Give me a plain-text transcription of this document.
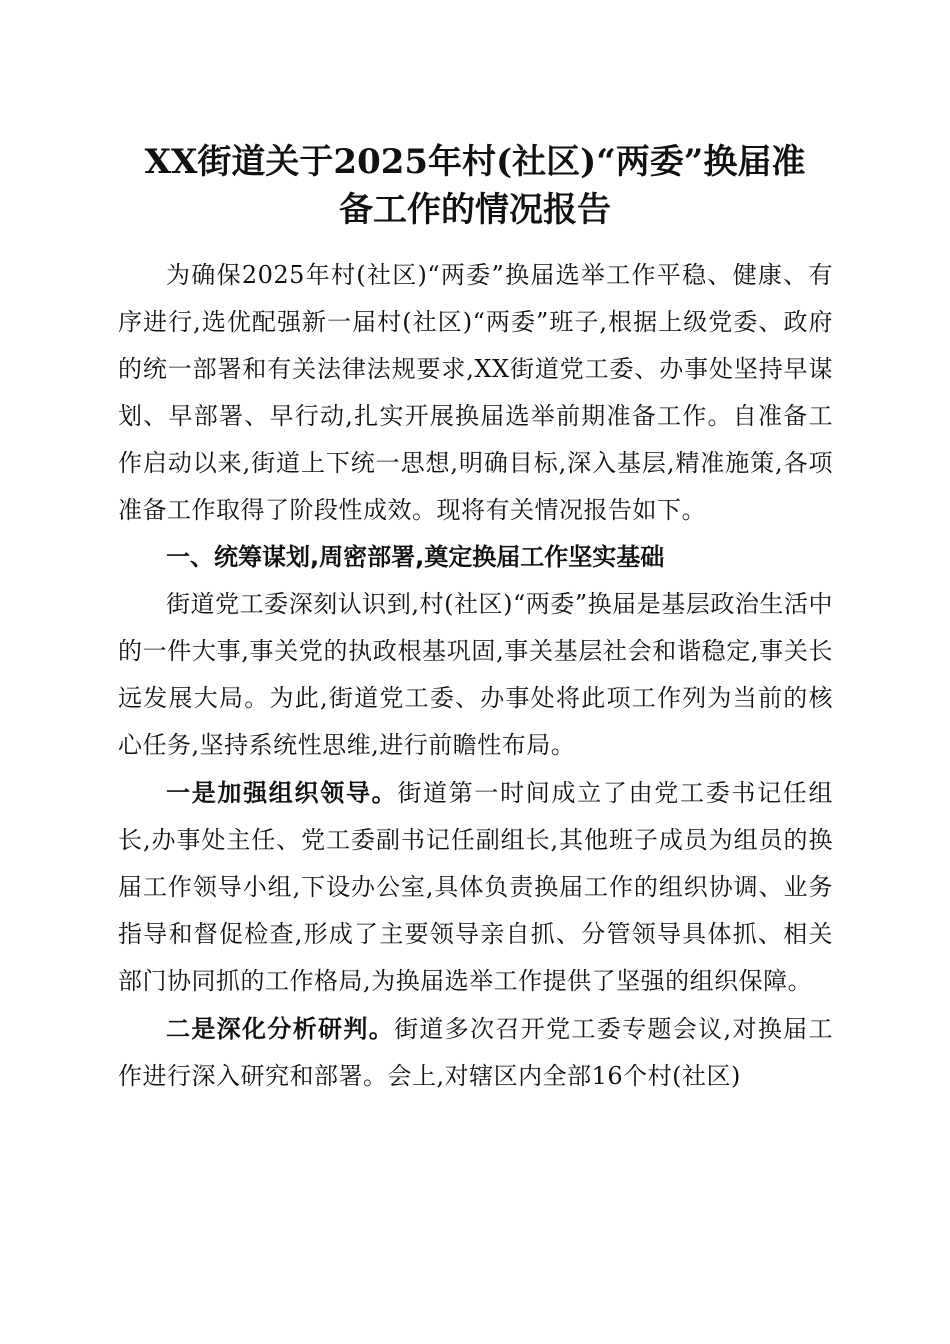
XX街道关于2025年村(社区)“两委”换届准
备工作的情况报告

为确保2025年村(社区)“两委”换届选举工作平稳、健康、有序进行,选优配强新一届村(社区)“两委”班子,根据上级党委、政府的统一部署和有关法律法规要求,XX街道党工委、办事处坚持早谋划、早部署、早行动,扎实开展换届选举前期准备工作。自准备工作启动以来,街道上下统一思想,明确目标,深入基层,精准施策,各项准备工作取得了阶段性成效。现将有关情况报告如下。

一、统筹谋划,周密部署,奠定换届工作坚实基础

街道党工委深刻认识到,村(社区)“两委”换届是基层政治生活中的一件大事,事关党的执政根基巩固,事关基层社会和谐稳定,事关长远发展大局。为此,街道党工委、办事处将此项工作列为当前的核心任务,坚持系统性思维,进行前瞻性布局。

一是加强组织领导。街道第一时间成立了由党工委书记任组长,办事处主任、党工委副书记任副组长,其他班子成员为组员的换届工作领导小组,下设办公室,具体负责换届工作的组织协调、业务指导和督促检查,形成了主要领导亲自抓、分管领导具体抓、相关部门协同抓的工作格局,为换届选举工作提供了坚强的组织保障。

二是深化分析研判。街道多次召开党工委专题会议,对换届工作进行深入研究和部署。会上,对辖区内全部16个村(社区)
